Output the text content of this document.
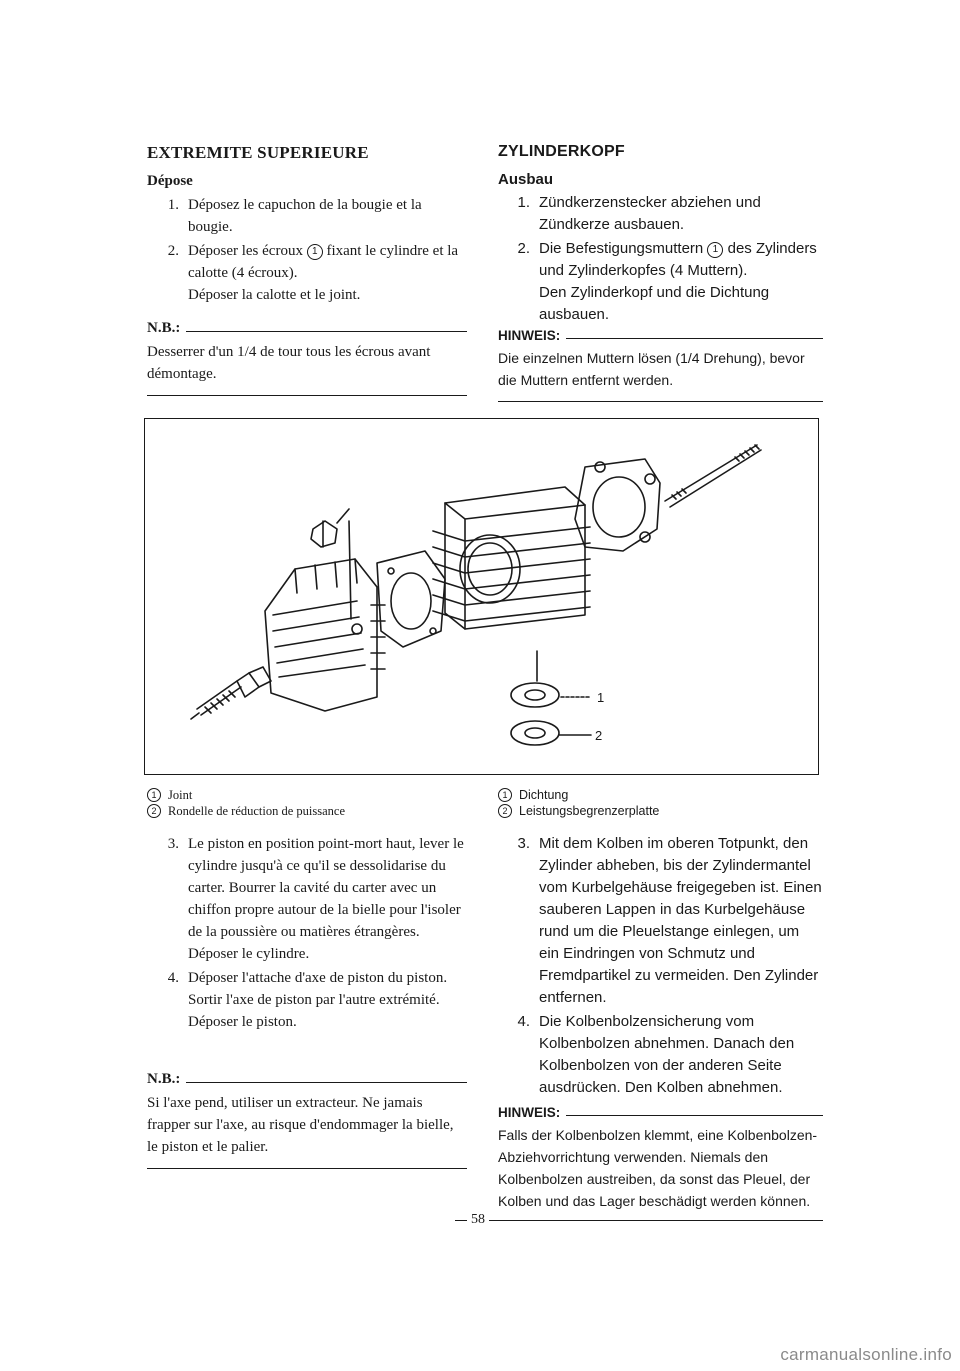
EXTREMITE SUPERIEURE
Dépose
1. Déposez le capuchon de la bougie et la bougie.
2. Déposer les écroux 1 fixant le cylindre et la calotte (4 écroux).
Déposer la calotte et le joint.
N.B.:

Desserrer d'un 1/4 de tour tous les écrous avant démontage.

ZYLINDERKOPF
Ausbau
1. Zündkerzenstecker abziehen und Zündkerze ausbauen.
2. Die Befestigungsmuttern 1 des Zylinders und Zylinderkopfes (4 Muttern).
Den Zylinderkopf und die Dichtung ausbauen.
HINWEIS:

Die einzelnen Muttern lösen (1/4 Drehung), bevor die Muttern entfernt werden.

1
2
1 Joint
2 Rondelle de réduction de puissance
3. Le piston en position point-mort haut, lever le cylindre jusqu'à ce qu'il se dessolidarise du carter. Bourrer la cavité du carter avec un chiffon propre autour de la bielle pour l'isoler de la poussière ou matières étrangères. Déposer le cylindre.
4. Déposer l'attache d'axe de piston du piston. Sortir l'axe de piston par l'autre extrémité. Déposer le piston.
N.B.:

Si l'axe pend, utiliser un extracteur. Ne jamais frapper sur l'axe, au risque d'endommager la bielle, le piston et le palier.

1 Dichtung
2 Leistungsbegrenzerplatte
3. Mit dem Kolben im oberen Totpunkt, den Zylinder abheben, bis der Zylindermantel vom Kurbelgehäuse freigegeben ist. Einen sauberen Lappen in das Kurbelgehäuse rund um die Pleuelstange einlegen, um ein Eindringen von Schmutz und Fremdpartikel zu vermeiden. Den Zylinder entfernen.
4. Die Kolbenbolzensicherung vom Kolbenbolzen abnehmen. Danach den Kolbenbolzen von der anderen Seite ausdrücken. Den Kolben abnehmen.
HINWEIS:

Falls der Kolbenbolzen klemmt, eine Kolbenbolzen-Abziehvorrichtung verwenden. Niemals den Kolbenbolzen austreiben, da sonst das Pleuel, der Kolben und das Lager beschädigt werden können.

58
carmanualsonline.info
